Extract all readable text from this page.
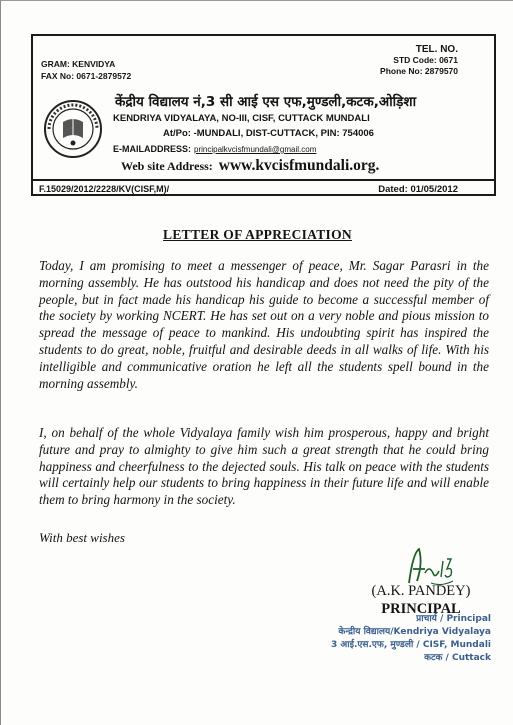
GRAM: KENVIDYA
FAX No: 0671-2879572
TEL. NO.
STD Code: 0671
Phone No: 2879570
केंद्रीय विद्यालय नं,3 सी आई एस एफ,मुण्डली,कटक,ओड़िशा
KENDRIYA VIDYALAYA, NO-III, CISF, CUTTACK MUNDALI
At/Po: -MUNDALI, DIST-CUTTACK, PIN: 754006
E-MAILADDRESS: principalkvcisfmundali@gmail.com
Web site Address: www.kvcisfmundali.org.
F.15029/2012/2228/KV(CISF,M)/	Dated: 01/05/2012
LETTER OF APPRECIATION
Today, I am promising to meet a messenger of peace, Mr. Sagar Parasri in the morning assembly. He has outstood his handicap and does not need the pity of the people, but in fact made his handicap his guide to become a successful member of the society by working NCERT. He has set out on a very noble and pious mission to spread the message of peace to mankind. His undoubting spirit has inspired the students to do great, noble, fruitful and desirable deeds in all walks of life. With his intelligible and communicative oration he left all the students spell bound in the morning assembly.
I, on behalf of the whole Vidyalaya family wish him prosperous, happy and bright future and pray to almighty to give him such a great strength that he could bring happiness and cheerfulness to the dejected souls. His talk on peace with the students will certainly help our students to bring happiness in their future life and will enable them to bring harmony in the society.
With best wishes
(A.K. PANDEY)
PRINCIPAL
प्राचार्य / Principal
केन्द्रीय विद्यालय/Kendriya Vidyalaya
3 आई.एस.एफ, मुण्डली / CISF, Mundali
कटक / Cuttack
